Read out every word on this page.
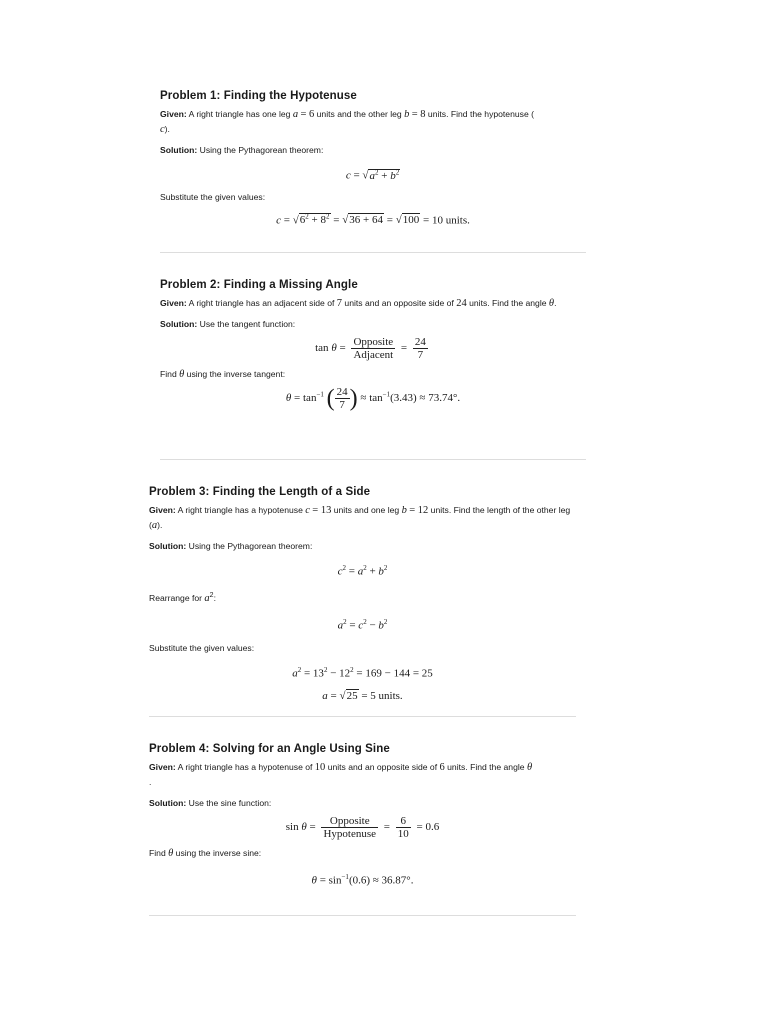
Problem 1: Finding the Hypotenuse

Given: A right triangle has one leg a = 6 units and the other leg b = 8 units. Find the hypotenuse (
c).

Solution: Using the Pythagorean theorem:

$c = √a^2 + b^2$

Substitute the given values:

$c = √6^2 + 8^2 = √36 + 64 = √100 = 10$ units.
Problem 2: Finding a Missing Angle

Given: A right triangle has an adjacent side of 7 units and an opposite side of 24 units. Find the angle θ.

Solution: Use the tangent function:

$\tan \theta = \frac{\text{Opposite}}{\text{Adjacent}} = \frac{24}{7}$

Find θ using the inverse tangent:

$\theta = \tan^{-1}$ ( $\frac{24}{7}$ ) ≈ $\tan^{-1}(3.43) \approx 73.74^\circ$.
Problem 3: Finding the Length of a Side

Given: A right triangle has a hypotenuse c = 13 units and one leg b = 12 units. Find the length of the other leg (a).

Solution: Using the Pythagorean theorem:

$c^2 = a^2 + b^2$

Rearrange for $a^2$:

$a^2 = c^2 - b^2$

Substitute the given values:

$a^2 = 13^2 - 12^2 = 169 - 144 = 25$
a = √25 = 5 units.
Problem 4: Solving for an Angle Using Sine

Given: A right triangle has a hypotenuse of 10 units and an opposite side of 6 units. Find the angle θ
.

Solution: Use the sine function:

$\sin \theta = \frac{\text{Opposite}}{\text{Hypotenuse}} = \frac{6}{10} = 0.6$

Find θ using the inverse sine:

$\theta = \sin^{-1}(0.6) \approx 36.87^\circ$.
